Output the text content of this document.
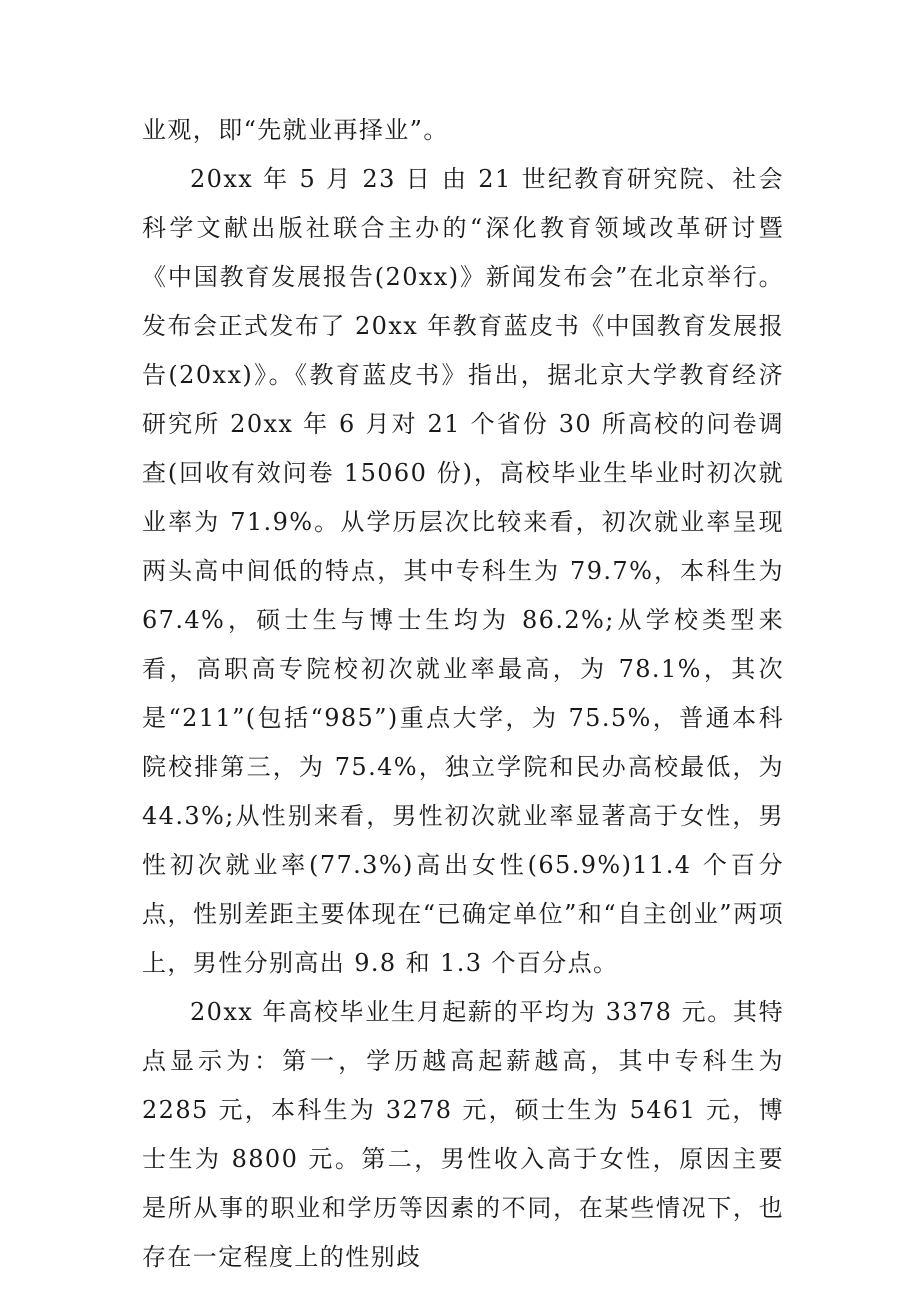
业观，即“先就业再择业”。

20xx 年 5 月 23 日 由 21 世纪教育研究院、社会科学文献出版社联合主办的“深化教育领域改革研讨暨《中国教育发展报告(20xx)》新闻发布会”在北京举行。发布会正式发布了 20xx 年教育蓝皮书《中国教育发展报告(20xx)》。《教育蓝皮书》指出，据北京大学教育经济研究所 20xx 年 6 月对 21 个省份 30 所高校的问卷调查(回收有效问卷 15060 份)，高校毕业生毕业时初次就业率为 71.9%。从学历层次比较来看，初次就业率呈现两头高中间低的特点，其中专科生为 79.7%，本科生为 67.4%，硕士生与博士生均为 86.2%;从学校类型来看，高职高专院校初次就业率最高，为 78.1%，其次是“211”(包括“985”)重点大学，为 75.5%，普通本科院校排第三，为 75.4%，独立学院和民办高校最低，为 44.3%;从性别来看，男性初次就业率显著高于女性，男性初次就业率(77.3%)高出女性(65.9%)11.4 个百分点，性别差距主要体现在“已确定单位”和“自主创业”两项上，男性分别高出 9.8 和 1.3 个百分点。

20xx 年高校毕业生月起薪的平均为 3378 元。其特点显示为：第一，学历越高起薪越高，其中专科生为 2285 元，本科生为 3278 元，硕士生为 5461 元，博士生为 8800 元。第二，男性收入高于女性，原因主要是所从事的职业和学历等因素的不同，在某些情况下，也存在一定程度上的性别歧
